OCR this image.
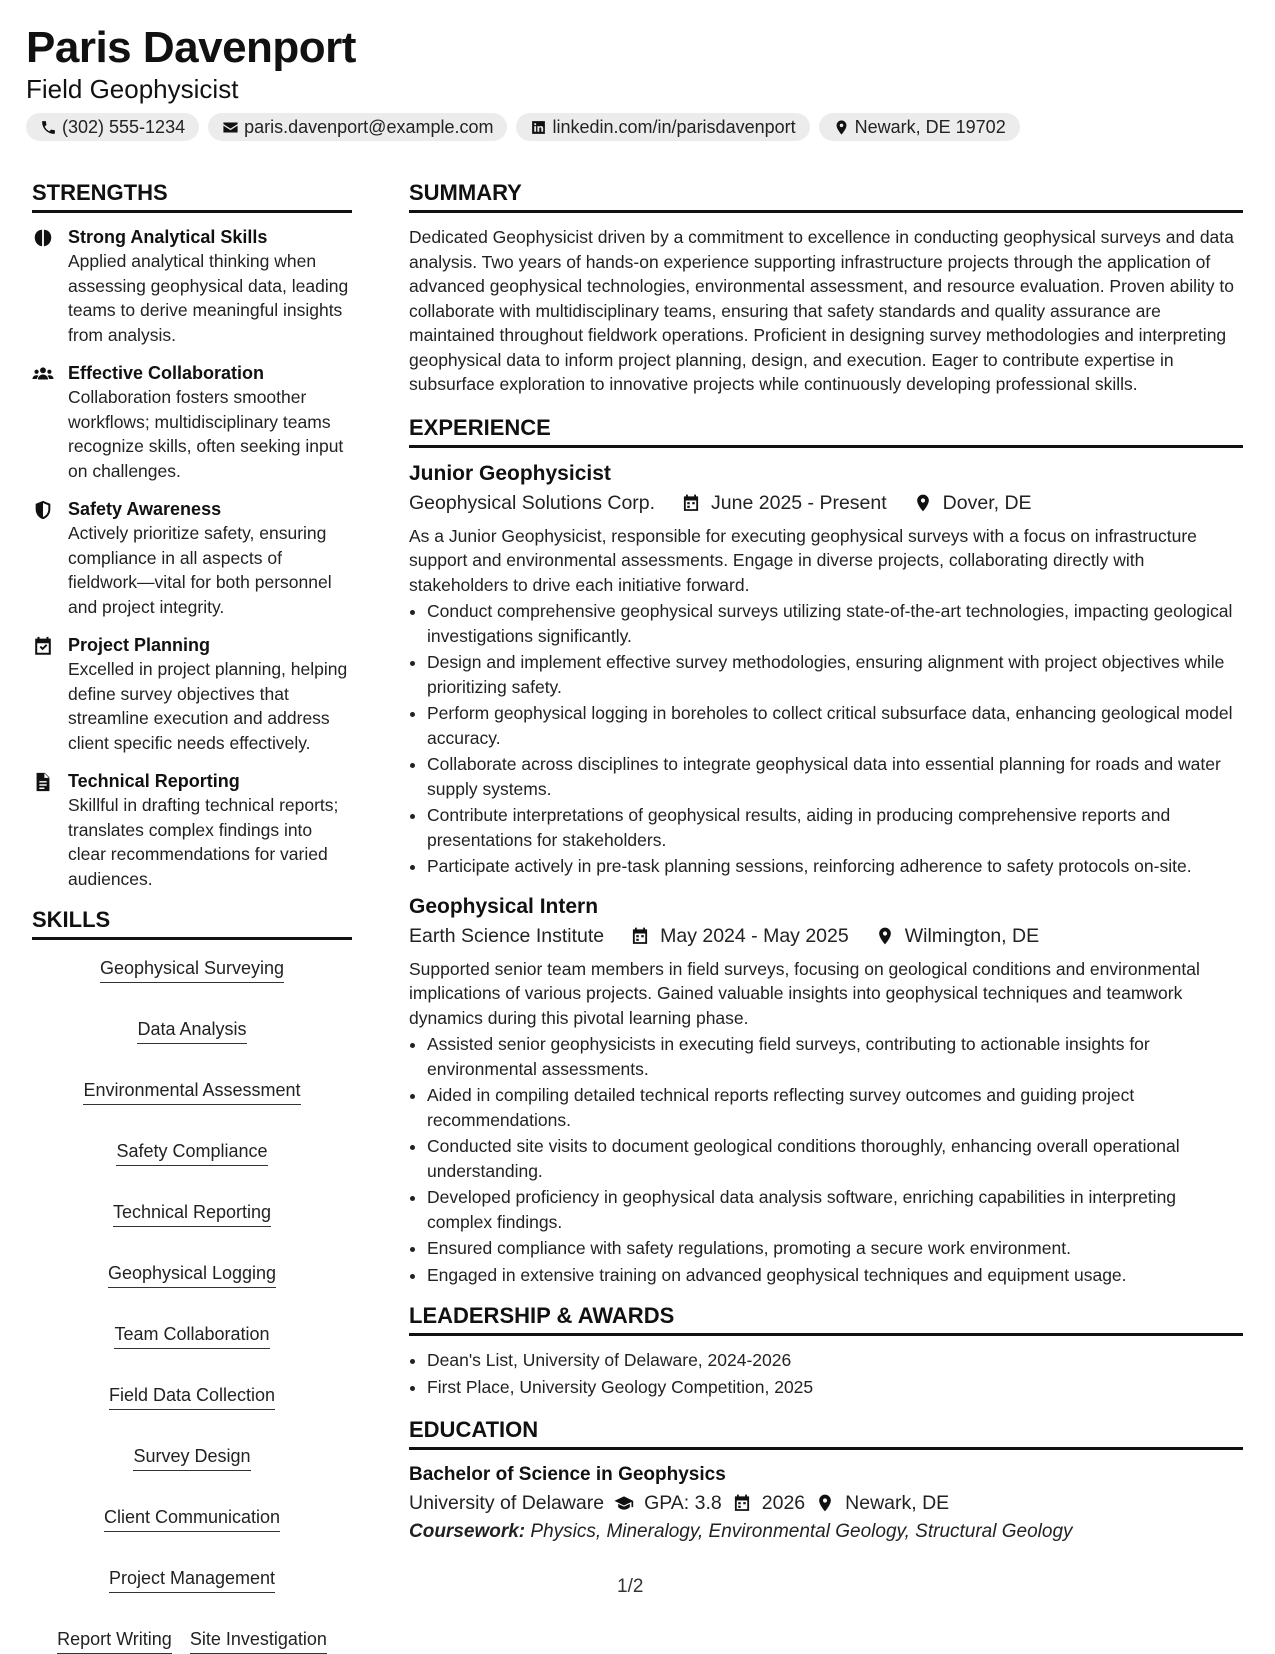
Paris Davenport
Field Geophysicist
(302) 555-1234	paris.davenport@example.com	linkedin.com/in/parisdavenport	Newark, DE 19702
STRENGTHS
Strong Analytical Skills
Applied analytical thinking when assessing geophysical data, leading teams to derive meaningful insights from analysis.
Effective Collaboration
Collaboration fosters smoother workflows; multidisciplinary teams recognize skills, often seeking input on challenges.
Safety Awareness
Actively prioritize safety, ensuring compliance in all aspects of fieldwork—vital for both personnel and project integrity.
Project Planning
Excelled in project planning, helping define survey objectives that streamline execution and address client specific needs effectively.
Technical Reporting
Skillful in drafting technical reports; translates complex findings into clear recommendations for varied audiences.
SKILLS
Geophysical Surveying
Data Analysis
Environmental Assessment
Safety Compliance
Technical Reporting
Geophysical Logging
Team Collaboration
Field Data Collection
Survey Design
Client Communication
Project Management
Report Writing Site Investigation
SUMMARY

Dedicated Geophysicist driven by a commitment to excellence in conducting geophysical surveys and data analysis. Two years of hands-on experience supporting infrastructure projects through the application of advanced geophysical technologies, environmental assessment, and resource evaluation. Proven ability to collaborate with multidisciplinary teams, ensuring that safety standards and quality assurance are maintained throughout fieldwork operations. Proficient in designing survey methodologies and interpreting geophysical data to inform project planning, design, and execution. Eager to contribute expertise in subsurface exploration to innovative projects while continuously developing professional skills.

EXPERIENCE
Junior Geophysicist
Geophysical Solutions Corp.	June 2025 - Present	Dover, DE
As a Junior Geophysicist, responsible for executing geophysical surveys with a focus on infrastructure support and environmental assessments. Engage in diverse projects, collaborating directly with stakeholders to drive each initiative forward.
• Conduct comprehensive geophysical surveys utilizing state-of-the-art technologies, impacting geological investigations significantly.
• Design and implement effective survey methodologies, ensuring alignment with project objectives while prioritizing safety.
• Perform geophysical logging in boreholes to collect critical subsurface data, enhancing geological model accuracy.
• Collaborate across disciplines to integrate geophysical data into essential planning for roads and water supply systems.
• Contribute interpretations of geophysical results, aiding in producing comprehensive reports and presentations for stakeholders.
• Participate actively in pre-task planning sessions, reinforcing adherence to safety protocols on-site.
Geophysical Intern
Earth Science Institute	May 2024 - May 2025	Wilmington, DE
Supported senior team members in field surveys, focusing on geological conditions and environmental implications of various projects. Gained valuable insights into geophysical techniques and teamwork dynamics during this pivotal learning phase.
• Assisted senior geophysicists in executing field surveys, contributing to actionable insights for environmental assessments.
• Aided in compiling detailed technical reports reflecting survey outcomes and guiding project recommendations.
• Conducted site visits to document geological conditions thoroughly, enhancing overall operational understanding.
• Developed proficiency in geophysical data analysis software, enriching capabilities in interpreting complex findings.
• Ensured compliance with safety regulations, promoting a secure work environment.
• Engaged in extensive training on advanced geophysical techniques and equipment usage.
LEADERSHIP & AWARDS
• Dean's List, University of Delaware, 2024-2026
• First Place, University Geology Competition, 2025
EDUCATION
Bachelor of Science in Geophysics
University of Delaware GPA: 3.8 2026 Newark, DE
Coursework: Physics, Mineralogy, Environmental Geology, Structural Geology
1/2
